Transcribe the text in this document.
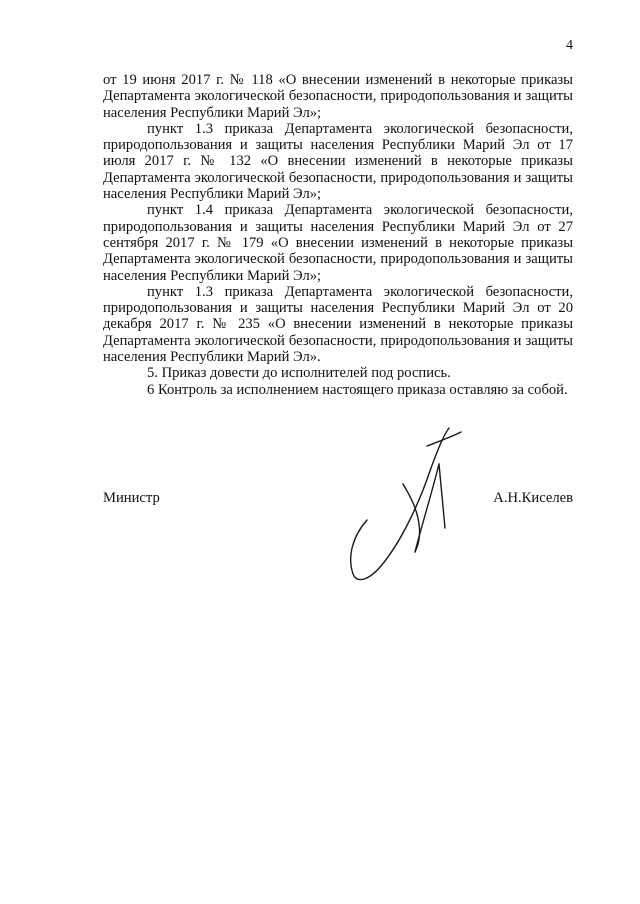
4

от 19 июня 2017 г. № 118 «О внесении изменений в некоторые приказы Департамента экологической безопасности, природопользования и защиты населения Республики Марий Эл»;

пункт 1.3 приказа Департамента экологической безопасности, природопользования и защиты населения Республики Марий Эл от 17 июля 2017 г. № 132 «О внесении изменений в некоторые приказы Департамента экологической безопасности, природопользования и защиты населения Республики Марий Эл»;

пункт 1.4 приказа Департамента экологической безопасности, природопользования и защиты населения Республики Марий Эл от 27 сентября 2017 г. № 179 «О внесении изменений в некоторые приказы Департамента экологической безопасности, природопользования и защиты населения Республики Марий Эл»;

пункт 1.3 приказа Департамента экологической безопасности, природопользования и защиты населения Республики Марий Эл от 20 декабря 2017 г. № 235 «О внесении изменений в некоторые приказы Департамента экологической безопасности, природопользования и защиты населения Республики Марий Эл».

5. Приказ довести до исполнителей под роспись.

6 Контроль за исполнением настоящего приказа оставляю за собой.

Министр	А.Н.Киселев
